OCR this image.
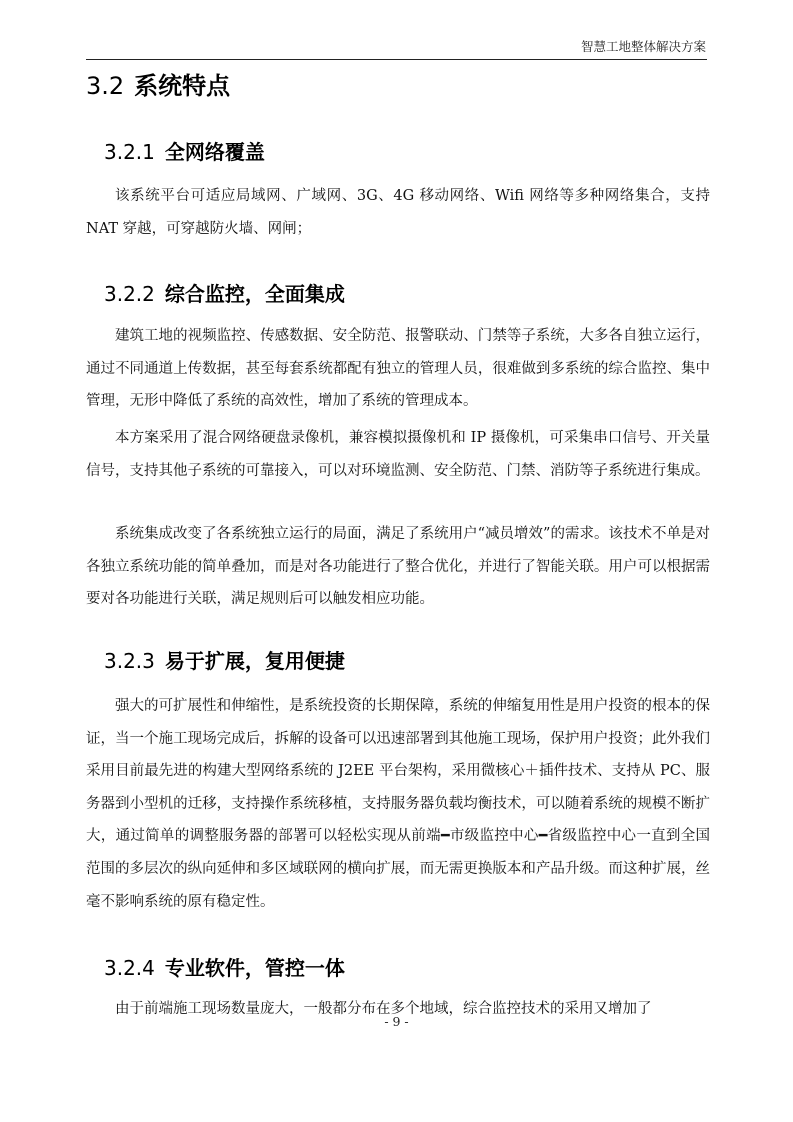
智慧工地整体解决方案
3.2 系统特点
3.2.1 全网络覆盖

该系统平台可适应局域网、广域网、3G、4G 移动网络、Wifi 网络等多种网络集合，支持 NAT 穿越，可穿越防火墙、网闸；

3.2.2 综合监控，全面集成

建筑工地的视频监控、传感数据、安全防范、报警联动、门禁等子系统，大多各自独立运行，通过不同通道上传数据，甚至每套系统都配有独立的管理人员，很难做到多系统的综合监控、集中管理，无形中降低了系统的高效性，增加了系统的管理成本。

本方案采用了混合网络硬盘录像机，兼容模拟摄像机和 IP 摄像机，可采集串口信号、开关量信号，支持其他子系统的可靠接入，可以对环境监测、安全防范、门禁、消防等子系统进行集成。

系统集成改变了各系统独立运行的局面，满足了系统用户“减员增效”的需求。该技术不单是对各独立系统功能的简单叠加，而是对各功能进行了整合优化，并进行了智能关联。用户可以根据需要对各功能进行关联，满足规则后可以触发相应功能。

3.2.3 易于扩展，复用便捷

强大的可扩展性和伸缩性，是系统投资的长期保障，系统的伸缩复用性是用户投资的根本的保证，当一个施工现场完成后，拆解的设备可以迅速部署到其他施工现场，保护用户投资；此外我们采用目前最先进的构建大型网络系统的 J2EE 平台架构，采用微核心＋插件技术、支持从 PC、服务器到小型机的迁移，支持操作系统移植，支持服务器负载均衡技术，可以随着系统的规模不断扩大，通过简单的调整服务器的部署可以轻松实现从前端━市级监控中心━省级监控中心一直到全国范围的多层次的纵向延伸和多区域联网的横向扩展，而无需更换版本和产品升级。而这种扩展，丝毫不影响系统的原有稳定性。

3.2.4 专业软件，管控一体

由于前端施工现场数量庞大，一般都分布在多个地域，综合监控技术的采用又增加了

- 9 -
